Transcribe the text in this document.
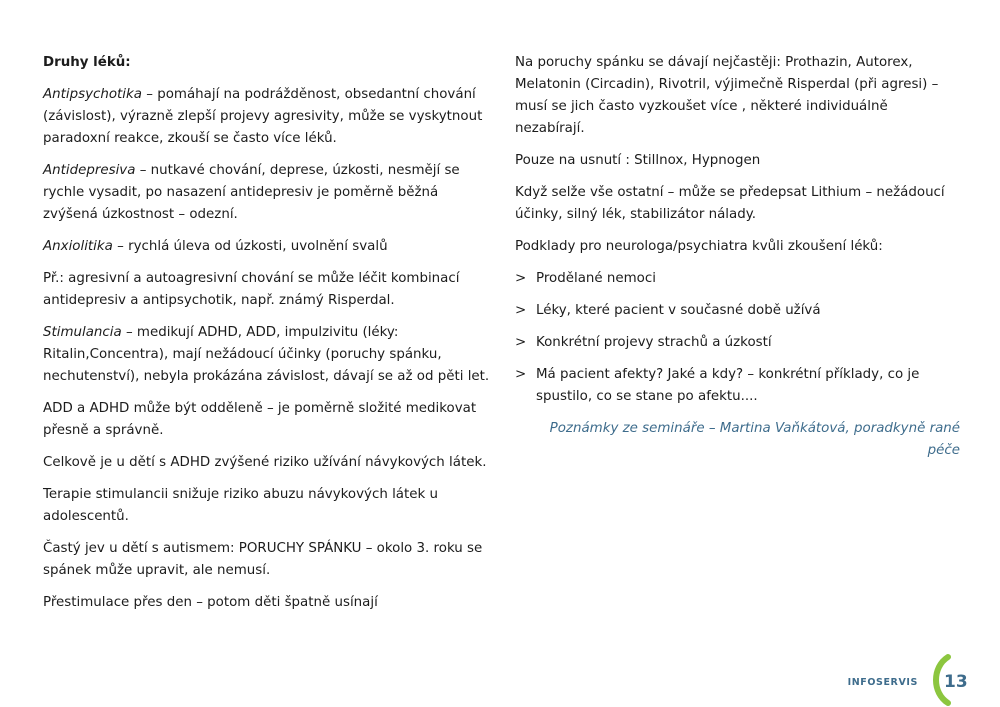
Druhy léků:

Antipsychotika – pomáhají na podrážděnost, obsedantní chování (závislost), výrazně zlepší projevy agresivity, může se vyskytnout paradoxní reakce, zkouší se často více léků.

Antidepresiva – nutkavé chování, deprese, úzkosti, nesmějí se rychle vysadit, po nasazení antidepresiv je poměrně běžná zvýšená úzkostnost – odezní.

Anxiolitika – rychlá úleva od úzkosti, uvolnění svalů

Př.: agresivní a autoagresivní chování se může léčit kombinací antidepresiv a antipsychotik, např. známý Risperdal.

Stimulancia – medikují ADHD, ADD, impulzivitu (léky: Ritalin,Concentra), mají nežádoucí účinky (poruchy spánku, nechutenství), nebyla prokázána závislost, dávají se až od pěti let.

ADD a ADHD může být odděleně – je poměrně složité medikovat přesně a správně.

Celkově je u dětí s ADHD zvýšené riziko užívání návykových látek.

Terapie stimulancii snižuje riziko abuzu návykových látek u adolescentů.

Častý jev u dětí s autismem: PORUCHY SPÁNKU – okolo 3. roku se spánek může upravit, ale nemusí.

Přestimulace přes den – potom děti špatně usínají

Na poruchy spánku se dávají nejčastěji: Prothazin, Autorex, Melatonin (Circadin), Rivotril, výjimečně Risperdal (při agresi) – musí se jich často vyzkoušet více , některé individuálně nezabírají.

Pouze na usnutí : Stillnox, Hypnogen

Když selže vše ostatní – může se předepsat Lithium – nežádoucí účinky, silný lék, stabilizátor nálady.

Podklady pro neurologa/psychiatra kvůli zkoušení léků:

> Prodělané nemoci
> Léky, které pacient v současné době užívá
> Konkrétní projevy strachů a úzkostí
> Má pacient afekty? Jaké a kdy? – konkrétní příklady, co je spustilo, co se stane po afektu....

Poznámky ze semináře – Martina Vaňkátová, poradkyně rané péče

INFOSERVIS 13
